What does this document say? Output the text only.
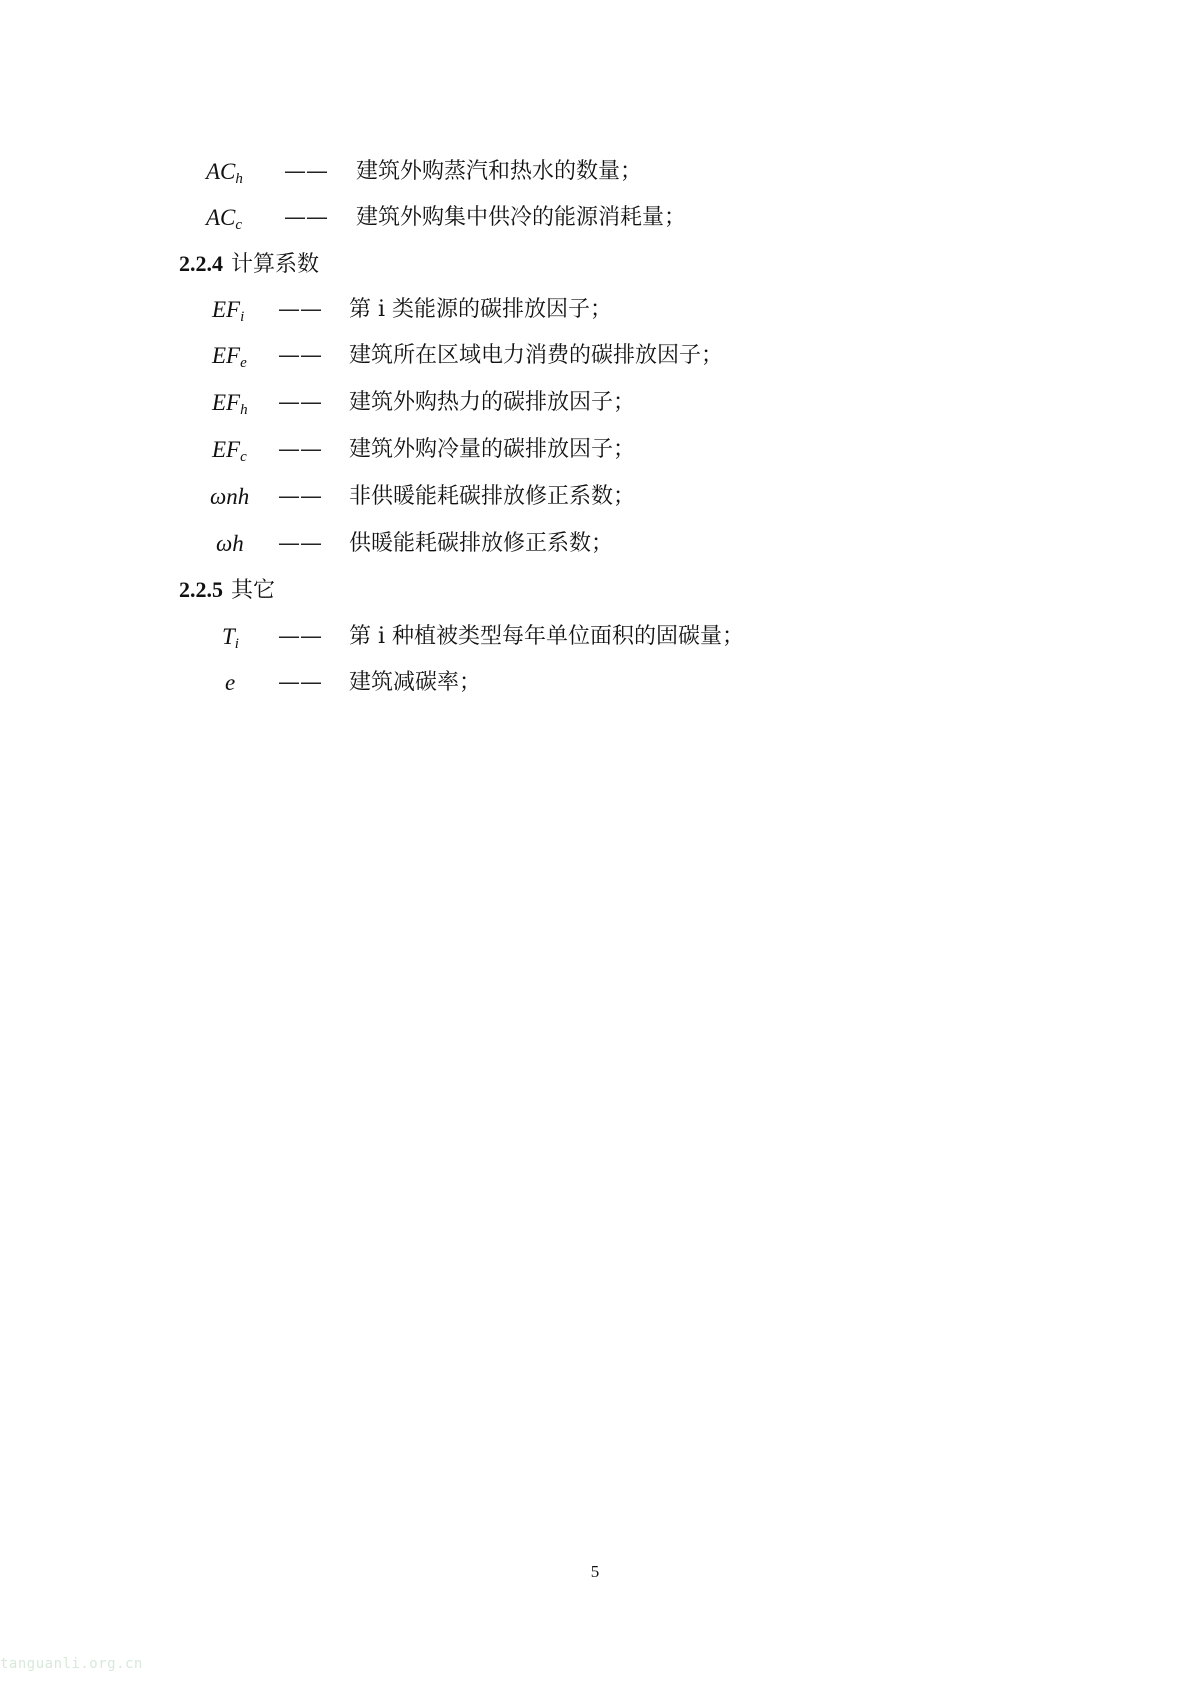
$AC_h$ —— 建筑外购蒸汽和热水的数量；
$AC_c$ —— 建筑外购集中供冷的能源消耗量；
2.2.4 计算系数
$EF_i$ —— 第 i 类能源的碳排放因子；
$EF_e$ —— 建筑所在区域电力消费的碳排放因子；
$EF_h$ —— 建筑外购热力的碳排放因子；
$EF_c$ —— 建筑外购冷量的碳排放因子；
ωnh —— 非供暖能耗碳排放修正系数；
ωh —— 供暖能耗碳排放修正系数；
2.2.5 其它
$T_i$ —— 第 i 种植被类型每年单位面积的固碳量；
e —— 建筑减碳率；
5
tanguanli.org.cn
